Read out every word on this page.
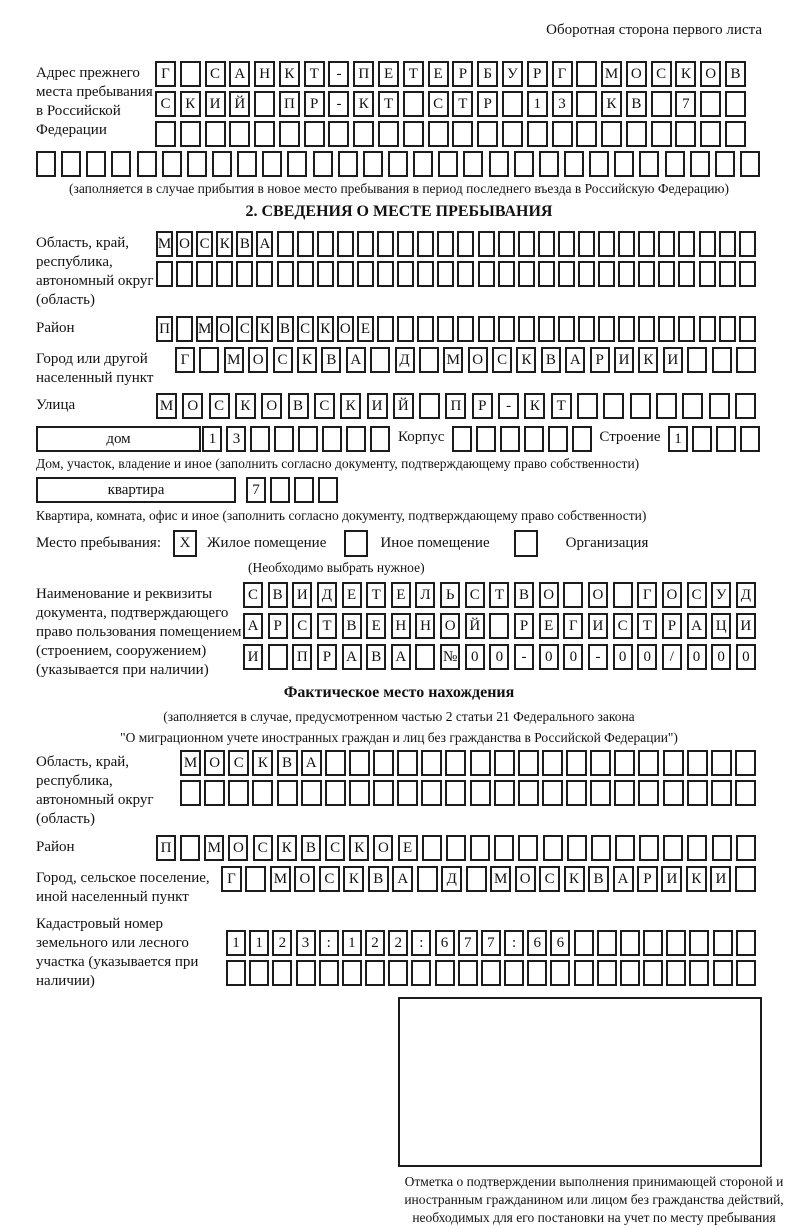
Оборотная сторона первого листа
Адрес прежнего места пребывания в Российской Федерации
Г	С А Н К	Т	-	П Е	Т	Е	Р	Б	У	Р	Г	М О С К О В
С К И Й	П	Р	-	К	Т	С	Т	Р	1	3	К В	7
(заполняется в случае прибытия в новое место пребывания в период последнего въезда в Российскую Федерацию)
2. СВЕДЕНИЯ О МЕСТЕ ПРЕБЫВАНИЯ
Область, край, республика, автономный округ (область)
М О С К В А
Район	П М О С К В С К О Е
Город или другой населенный пункт
Г	М О С К В А	Д	М О С К В А Р И К И
Улица	М О	С	К	О	В	С	К	И	Й	П	Р	-	К	Т
дом	1	3	Корпус	Строение 1
Дом, участок, владение и иное (заполнить согласно документу, подтверждающему право собственности)
квартира	7
Квартира, комната, офис и иное (заполнить согласно документу, подтверждающему право собственности)
Место пребывания:	X	Жилое помещение	Иное помещение	Организация
(Необходимо выбрать нужное)
Наименование и реквизиты документа, подтверждающего право пользования помещением (строением, сооружением) (указывается при наличии)
С В И Д Е	Т	Е Л	Ь	С	Т	В О	О	Г О С У Д
А	Р	С	Т	В	Е Н Н О Й	Р	Е	Г И С	Т	Р	А Ц И
И	П	Р	А В А	№ 0	0	-	0	0	-	0	0	/	0	0	0
Фактическое место нахождения
(заполняется в случае, предусмотренном частью 2 статьи 21 Федерального закона
"О миграционном учете иностранных граждан и лиц без гражданства в Российской Федерации")
Область, край, республика, автономный округ (область)
М О С К В А
Район	П	М О С К В С К О Е
Город, сельское поселение, иной населенный пункт
Г	М О С К В А	Д	М О С К В А Р И К И
Кадастровый номер земельного или лесного участка (указывается при наличии)
1	1	2	3	:	1	2	2	:	6	7	7	:	6	6
Отметка о подтверждении выполнения принимающей стороной и иностранным гражданином или лицом без гражданства действий, необходимых для его постановки на учет по месту пребывания
